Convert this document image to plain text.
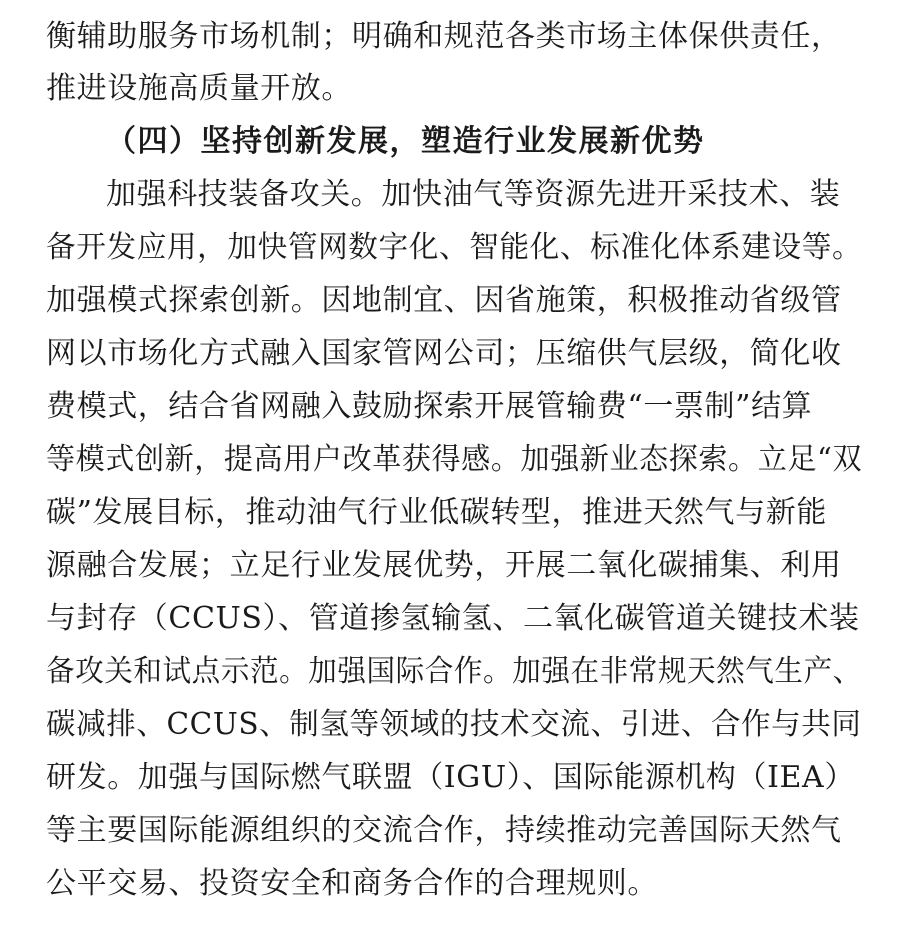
衡辅助服务市场机制；明确和规范各类市场主体保供责任，
推进设施高质量开放。
（四）坚持创新发展，塑造行业发展新优势
加强科技装备攻关。加快油气等资源先进开采技术、装
备开发应用，加快管网数字化、智能化、标准化体系建设等。
加强模式探索创新。因地制宜、因省施策，积极推动省级管
网以市场化方式融入国家管网公司；压缩供气层级，简化收
费模式，结合省网融入鼓励探索开展管输费“一票制”结算
等模式创新，提高用户改革获得感。加强新业态探索。立足“双
碳”发展目标，推动油气行业低碳转型，推进天然气与新能
源融合发展；立足行业发展优势，开展二氧化碳捕集、利用
与封存（CCUS）、管道掺氢输氢、二氧化碳管道关键技术装
备攻关和试点示范。加强国际合作。加强在非常规天然气生产、
碳减排、CCUS、制氢等领域的技术交流、引进、合作与共同
研发。加强与国际燃气联盟（IGU）、国际能源机构（IEA）
等主要国际能源组织的交流合作，持续推动完善国际天然气
公平交易、投资安全和商务合作的合理规则。
